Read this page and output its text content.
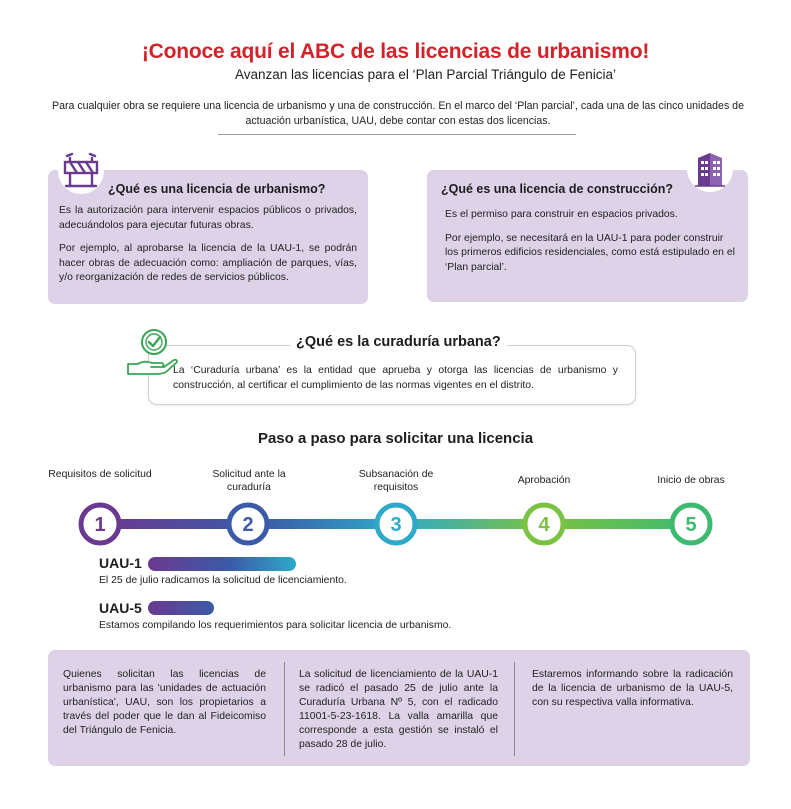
¡Conoce aquí el ABC de las licencias de urbanismo!
Avanzan las licencias para el ‘Plan Parcial Triángulo de Fenicia’
Para cualquier obra se requiere una licencia de urbanismo y una de construcción. En el marco del ‘Plan parcial’, cada una de las cinco unidades de actuación urbanística, UAU, debe contar con estas dos licencias.
¿Qué es una licencia de urbanismo?

Es la autorización para intervenir espacios públicos o privados, adecuándolos para ejecutar futuras obras.

Por ejemplo, al aprobarse la licencia de la UAU-1, se podrán hacer obras de adecuación como: ampliación de parques, vías, y/o reorganización de redes de servicios públicos.

¿Qué es una licencia de construcción?

Es el permiso para construir en espacios privados.

Por ejemplo, se necesitará en la UAU-1 para poder construir los primeros edificios residenciales, como está estipulado en el ‘Plan parcial’.

¿Qué es la curaduría urbana?
La ‘Curaduría urbana’ es la entidad que aprueba y otorga las licencias de urbanismo y construcción, al certificar el cumplimiento de las normas vigentes en el distrito.
Paso a paso para solicitar una licencia
Requisitos de solicitud	Solicitud ante la curaduría
Subsanación de requisitos
Aprobación	Inicio de obras
1	2	3	4	5
UAU-1
El 25 de julio radicamos la solicitud de licenciamiento.
UAU-5
Estamos compilando los requerimientos para solicitar licencia de urbanismo.
Quienes solicitan las licencias de urbanismo para las 'unidades de actuación urbanística', UAU, son los propietarios a través del poder que le dan al Fideicomiso del Triángulo de Fenicia.
La solicitud de licenciamiento de la UAU-1 se radicó el pasado 25 de julio ante la Curaduría Urbana Nº 5, con el radicado 11001-5-23-1618. La valla amarilla que corresponde a esta gestión se instaló el pasado 28 de julio.
Estaremos informando sobre la radicación de la licencia de urbanismo de la UAU-5, con su respectiva valla informativa.
